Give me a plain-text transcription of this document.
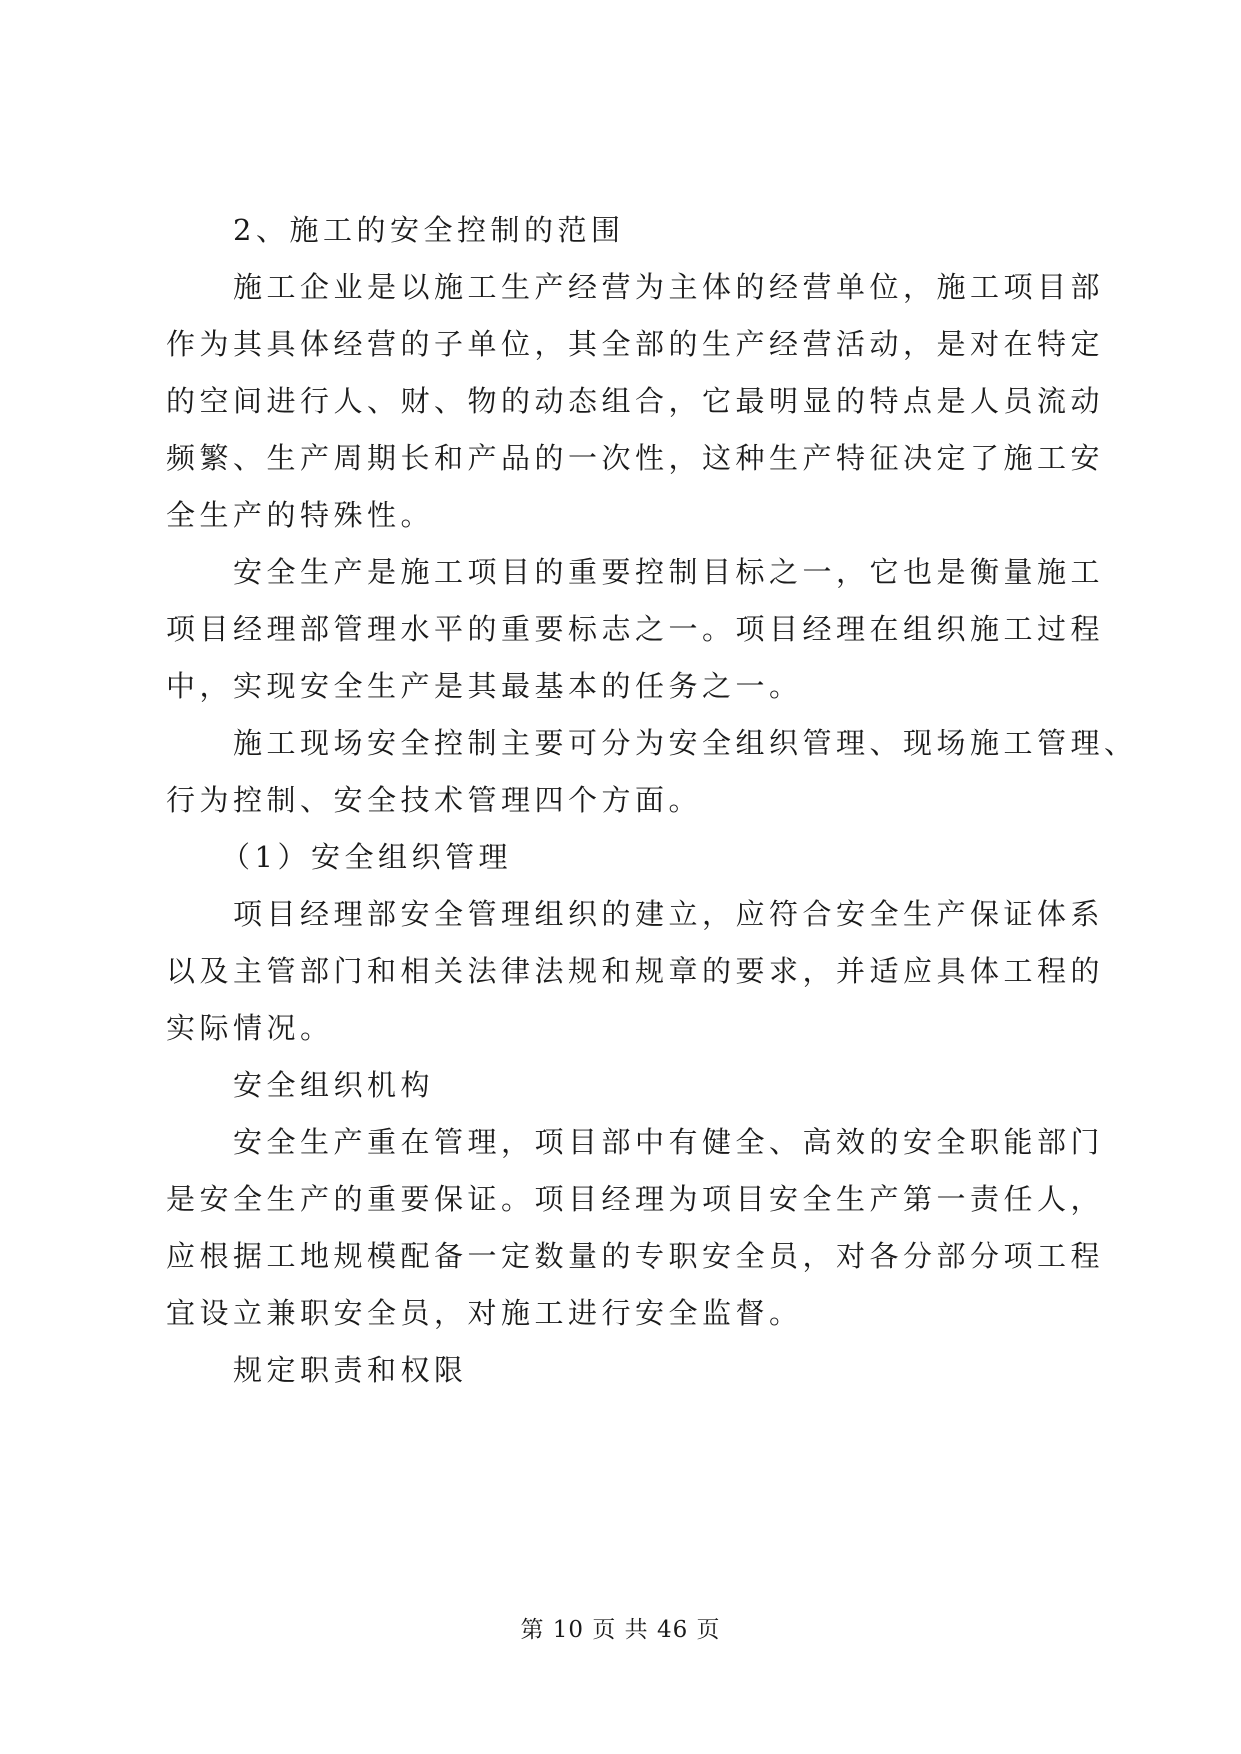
2、施工的安全控制的范围
施工企业是以施工生产经营为主体的经营单位，施工项目部
作为其具体经营的子单位，其全部的生产经营活动，是对在特定
的空间进行人、财、物的动态组合，它最明显的特点是人员流动
频繁、生产周期长和产品的一次性，这种生产特征决定了施工安
全生产的特殊性。
安全生产是施工项目的重要控制目标之一，它也是衡量施工
项目经理部管理水平的重要标志之一。项目经理在组织施工过程
中，实现安全生产是其最基本的任务之一。
施工现场安全控制主要可分为安全组织管理、现场施工管理、
行为控制、安全技术管理四个方面。
（1）安全组织管理
项目经理部安全管理组织的建立，应符合安全生产保证体系
以及主管部门和相关法律法规和规章的要求，并适应具体工程的
实际情况。
安全组织机构
安全生产重在管理，项目部中有健全、高效的安全职能部门
是安全生产的重要保证。项目经理为项目安全生产第一责任人，
应根据工地规模配备一定数量的专职安全员，对各分部分项工程
宜设立兼职安全员，对施工进行安全监督。
规定职责和权限
第 10 页 共 46 页
